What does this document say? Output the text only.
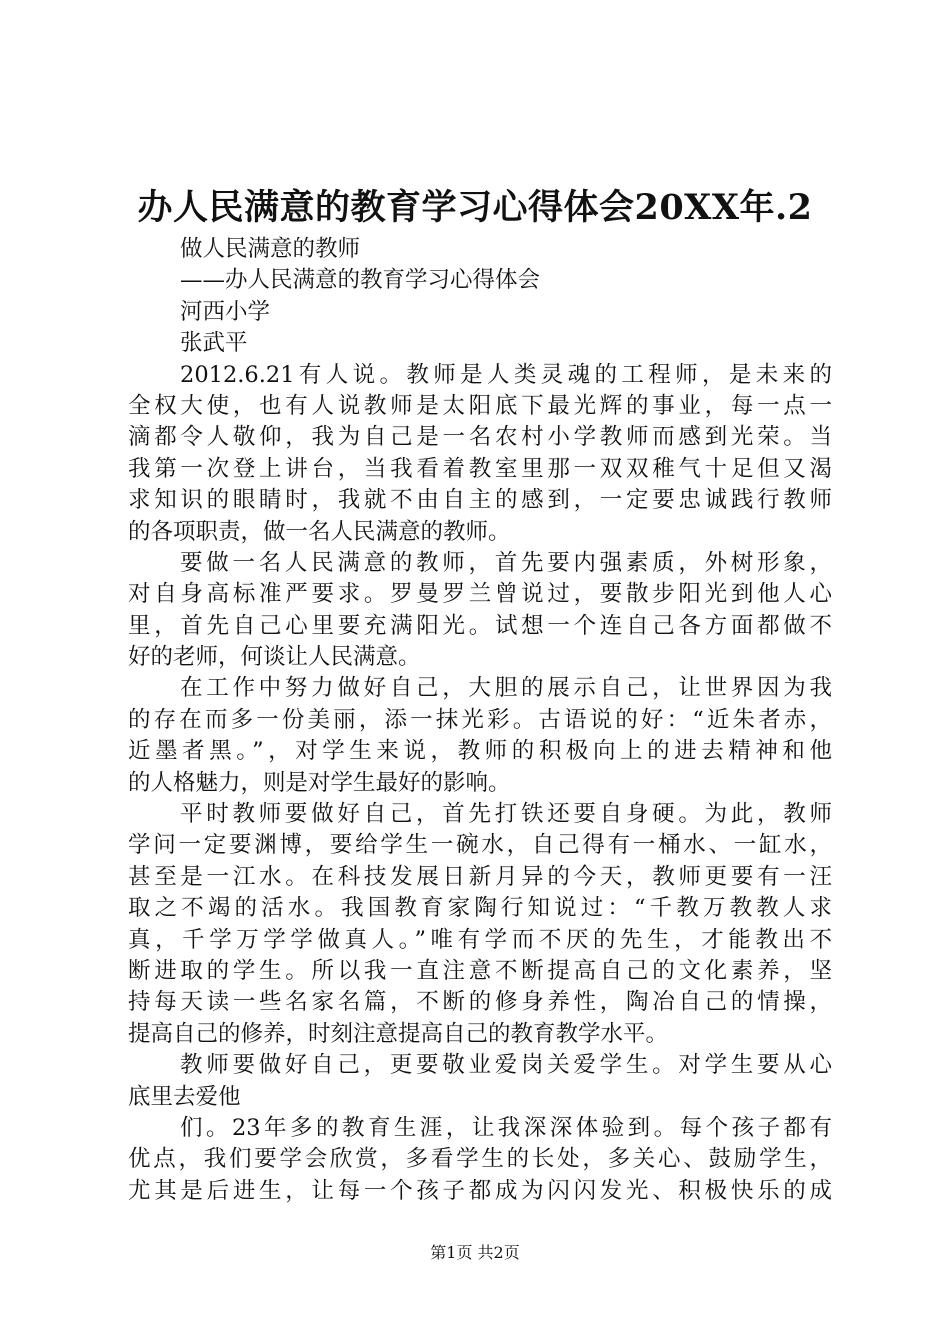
办人民满意的教育学习心得体会20XX年.2
做人民满意的教师
——办人民满意的教育学习心得体会
河西小学
张武平
2012.6.21有人说。教师是人类灵魂的工程师，是未来的
全权大使，也有人说教师是太阳底下最光辉的事业，每一点一
滴都令人敬仰，我为自己是一名农村小学教师而感到光荣。当
我第一次登上讲台，当我看着教室里那一双双稚气十足但又渴
求知识的眼睛时，我就不由自主的感到，一定要忠诚践行教师
的各项职责，做一名人民满意的教师。
要做一名人民满意的教师，首先要内强素质，外树形象，
对自身高标准严要求。罗曼罗兰曾说过，要散步阳光到他人心
里，首先自己心里要充满阳光。试想一个连自己各方面都做不
好的老师，何谈让人民满意。
在工作中努力做好自己，大胆的展示自己，让世界因为我
的存在而多一份美丽，添一抹光彩。古语说的好：“近朱者赤，
近墨者黑。”，对学生来说，教师的积极向上的进去精神和他
的人格魅力，则是对学生最好的影响。
平时教师要做好自己，首先打铁还要自身硬。为此，教师
学问一定要渊博，要给学生一碗水，自己得有一桶水、一缸水，
甚至是一江水。在科技发展日新月异的今天，教师更要有一汪
取之不竭的活水。我国教育家陶行知说过：“千教万教教人求
真，千学万学学做真人。”唯有学而不厌的先生，才能教出不
断进取的学生。所以我一直注意不断提高自己的文化素养，坚
持每天读一些名家名篇，不断的修身养性，陶冶自己的情操，
提高自己的修养，时刻注意提高自己的教育教学水平。
教师要做好自己，更要敬业爱岗关爱学生。对学生要从心
底里去爱他
们。23年多的教育生涯，让我深深体验到。每个孩子都有
优点，我们要学会欣赏，多看学生的长处，多关心、鼓励学生，
尤其是后进生，让每一个孩子都成为闪闪发光、积极快乐的成
第1页 共2页
